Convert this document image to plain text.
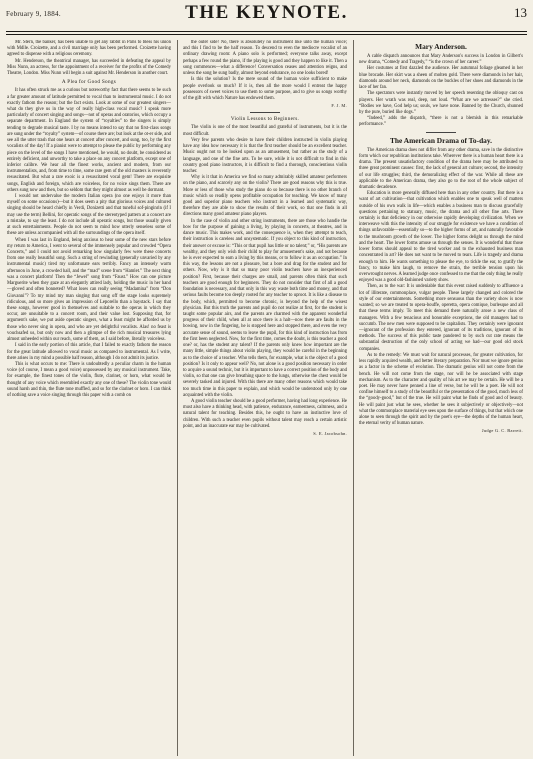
February 9, 1884.	THE KEYNOTE.	13

Mr. Stern, the banker, has been unable to get any rabbit in Paris to bless his union with Mdlle. Croizette, and a civil marriage only has been performed. Croizette having agreed to dispense with a religious ceremony.

Mr. Henderson, the theatrical manager, has succeeded in defeating the appeal by Miss Nunn, an actress, for the appointment of a receiver for the profits of the Comedy Theatre, London. Miss Nunn will begin a suit against Mr. Henderson in another court.

A Plea for Good Songs

It has often struck me as a curious but noteworthy fact that there seems to be such a far greater amount of latitude permitted to vocal than to instrumental music. I do not exactly fathom the reason; but the fact exists. Look at some of our greatest singers—what do they give us in the way of really high-class vocal music? I speak more particularly of concert singing and songs—not of operas and oratorios, which occupy a separate department. In England the system of “royalties” to the singers is simply tending to degrade musical taste. I by no means intend to say that no first-class songs are sung under the “royalty” system—of course there are; but look at the ot-er side, and see all the utter trash that one hears at concert after concert, and sung, too, by the first vocalists of the day! If a pianist were to attempt to please the public by performing any piece on the level of the songs I have mentioned, he would, no doubt, be considered as entirely deficient, and unworthy to take a place on any concert platform, except one of inferior calibre. We hear all the finest works, ancient and modern, from our instrumentalists, and, from time to time, some rare gem of the old masters is reverently resuscitated. But what a rare exoic is a resuscitated vocal gem! There are exquisite songs, English and foreign, which are voiceless, for no voice sings them. There are others sung now and then, but so seldom that they might almost as well be dormant.

I would not undervalue the modern Italian opera (no one enjoys it more than myself on some occasions)—but it does seem a pity that glorious voices and cultured singing should be heard chiefly in Verdi, Donizetti and that tuneful sof-pinginrin (if I may use the term) Bellini, for operatic songs of the stereotyped pattern at a concert are a mistake, to say the least. I do not include all operatic songs, but those usually given at such entertainments. People do not seem to mind how utterly senseless some of these are unless accompanied with all the surroundings of the opera itself.

When I was last in England, being anxious to hear some of the new stars before my return to America, I went to several of the immensely popular and crowded “Opera Concerts,” and I could not avoid remarking how singularly few were these concerts from one really beautiful song. Such a string of rewinding (generally unvaried by any instrumental music) tired my unfortunate ears terribly. Fancy an intensely warm afternoon in June, a crowded hall, and the “mad” scene from “Hamlet.” The next thing was a concert platform! Then the “Jewel” song from “Faust.” How can one picture Marguerite when they gaze at an elegantly attired lady, holding the music in her hand—gloved and often bonneted? What loses can really seeing “Madamina” from “Don Giovanni”? To my mind my man singing that song off the stage looks supremely ridiculous, and so more gives an impression of Leporello than a baystack. I say that these songs, however good in themselves and suitable to the operas in which they occur, are unsuitable to a concert room, and their value lost. Supposing that, for argument's sake, we put aside operatic singers, what a feast might be afforded us by those who never sing in opera, and who are yet delightful vocalists. Alas! no feast is vouchsafed us, but only now and then a glimpse of the rich musical treasures lying almost unheeded within our reach, some of them, as I said before, literally voiceless.

I said in the early portion of this article, that I failed to exactly fathom the reason for the great latitude allowed to vocal music as compared to instrumental. As I write, there arises in my mind a possible half reason, although I do not admit its justice.

This is what occurs to me: There is undoubtedly a peculiar charm in the human voice (of course, I mean a good voice) unpossessed by any musical instrument. Take, for example, the finest tones of the violin, flute, clarinet, or horn, what would be thought of any voice which resembled exactly any one of these? The violin tone would sound harsh and thin, the flute tone muffled, and so for the clarinet or horn. I can think of nothing save a voice singing through this paper with a comb on

the outer side! No, there is absolutely no instrument like unto the human voice; and this I find to be the half reason. To descend to even the mediocre vocalist of an ordinary drawing room: A piano solo is performed; everyone talks away, except perhaps a few round the piano, if the playing is good and they happen to like it. Then a song commences—what a difference! Conversation ceases and attention reigns, and unless the song be sung badly, almost beyond endurance, no one looks bored!

Is this the solution? Is the mere sound of the human voice sufficient to make people overlook so much? If it is, then all the more would I entreat the happy possessors of sweet voices to use them to some purpose, and to give us songs worthy of the gift with which Nature has endowed them.

F. J. M.

Violin Lessons to Beginners.

The violin is one of the most beautiful and grateful of instruments, but it is the most difficult.

Very few parents who desire to have their children instructed in violin playing have any idea how necessary it is that the first teacher should be an excellent teacher. Music ought not to be looked upon as an amusement, but rather as the study of a language, and one of the fine arts. To be sure, while it is not difficult to find in this country good piano instructors, it is difficult to find a thorough, conscientious violin teacher.

Why is it that in America we find so many admirably skilled amateur performers on the piano, and scarcely any on the violin? There are good reasons why this is true. More or less of those who study the piano do so because there is no other branch of music which so readily opens profitable occupation for teaching. We know of many good and superior piano teachers who instruct in a learned and systematic way, therefore they are able to show the results of their work, so that one finds in all directions many good amateur piano players.

In the case of violin and other string instruments, there are those who handle the bow for the purpose of gaining a living, by playing in concerts, at theatres, and in dance music. This makes work, and the consequence is, when they attempt to teach, their instruction is careless and unsystematic. If you object to this kind of instruction, their answer or excuse is: “This or that pupil has little or no talent;” or, “His parents are wealthy, and they only wish their child to play for amusement's sake, and not because he is ever expected to earn a living by this means, or to follow it as an occupation.” In this way, the lessons are not a pleasure, but a bore and drag for the student and for others. Now, why is it that so many poor violin teachers have an inexperienced position? First, because their charges are small, and parents often think that such teachers are good enough for beginners. They do not consider that first of all a good foundation is necessary, and that only in this way waste both time and money, and that serious faults become too deeply rooted for any teacher to uproot. It is like a disease to the body, which, permitted to become chronic, is beyond the help of the wisest physician. But this truth the parents and pupil do not realize at first, for the student is taught some popular airs, and the parents are charmed with the apparent wonderful progress of their child, when all at once there is a halt—now there are faults in the bowing, now in the fingering, he is stopped here and stopped there, and even the very accurate sense of sound, seems to leave the pupil, for this kind of instruction has from the first been neglected. Now, for the first time, comes the doubt, is this teacher a good one? or, has the student any talent? If the parents only knew how important are the many little, simple things about violin playing, they would be careful in the beginning as to the choice of a teacher. Who tells them, for example, what is the object of a good position? Is it only to appear well? No, not alone is a good position necessary in order to acquire a sound technic, but it is important to have a correct position of the body and violin, so that one can give breathing space to the lungs, otherwise the chest would be severely tasked and injured. With this there are many other reasons which would take too much time in this paper to explain, and which would be understood only by one acquainted with the violin.

A good violin teacher should be a good performer, having had long experience. He must also have a thinking head, with patience, endurance, earnestness, calmness, and a natural talent for teaching. Besides this, he ought to have an instinctive love of children. With such a teacher even pupils without talent may reach a certain artistic point, and an inaccurate ear may be cultivated.

S. E. Jacobsohn.

Mary Anderson.

A cable dispatch announces that Mary Anderson's success in London in Gilbert's new drama, “Comedy and Tragedy,” “is the crown of her career.”

Her costumes at first dazzled the audience. Her autumnal foliage gleamed in her blue brocade. Her skirt was a sheen of molten gold. There were diamonds in her hair, diamonds around her neck, diamonds on the buckles of her shoes and diamonds in the lace of her fan.

The spectators were instantly moved by her speech resenting the obloquy cast on players. Her wrath was real, deep, not loud. “What are we actresses?” she cried. “Bodies we have, God help us; souls, we have none. Banned by the Church, shunned by the pure, buried like dogs.”

“Indeed,” adds the dispatch, “there is not a blemish in this remarkable performance.”

The American Drama of To-day.

The American drama does not differ from any other drama, save in the distinctive form which our republican institutions take. Wherever there is a human heart there is a drama. The present unsatisfactory condition of the drama here may be attributed to three great prominent causes: first, the lack of general art culture; second, the intensity of our life struggles; third, the demoralizing effect of the war. While all these are applicable to the American drama, they also go to the root of the whole subject of dramatic decadence.

Education is more generally diffused here than in any other country. But there is a want of art cultivation—that cultivation which enables one to speak well of matters outside of his own walk in life—which enables a business man to discuss gracefully questions pertaining to statuary, music, the drama and all other fine arts. There certainly is that deficiency in our otherwise rapidly developing civilization. When we interweave with this the intensity of our struggle for existence we have a condition of things unfavorable—essentially so—to the higher forms of art, and naturally favorable to the mushroom growth of the lower. The higher forms delight us through the mind and the heart. The lower forms amuse us through the senses. It is wonderful that those lower forms should appeal to the tired worker and to the exhausted business man concentrated in art? He does not want to be moved to tears. Life is tragedy and drama enough to him. He wants something to please the eye, to tickle the ear, to gratify the fancy, to make him laugh, to remove the strain, the terrible tension upon his overwrought nerves. A learned judge once confessed to me that the only thing he really enjoyed was a good old-fashioned variety show.

Then, as to the war: It is undeniable that this event raised suddenly to affluence a lot of illiterate, commonplace, vulgar people. These largely changed and colored the style of our entertainments. Something more sensuous than the variety show is now wanted; so we are treated to opera-bouffe, operetta, opera comique, burlesque and all that these terms imply. To meet this demand there naturally arose a new class of managers. With a few tenacious and honorable exceptions, the old managers had to succumb. The new men were supposed to be capitalists. They certainly were ignorant—ignorant of the profession they entered, ignorant of its traditions, ignorant of its methods. The success of this public taste pandered to by such cut rate means the substantial destruction of the only school of acting we had—our good old stock companies.

As to the remedy: We must wait for natural processes, for greater cultivation, for less rapidly acquired wealth, and better literary preparation. Nor must we ignore genius as a factor in the scheme of evolution. The dramatic genius will not come from the bench. He will not come from the stage, nor will he be associated with stage mechanism. As to the character and quality of his art we may be certain. He will be a poet. He may never have penned a line of verse, but he will be a poet. He will not confine himself to a study of the beautiful or the presentation of the good, much less of the “goody-good,” but of the true. He will paint what he finds of good and of beauty. He will paint just what he sees, whether he sees it subjectively or objectively—not what the commonplace material eye sees upon the surface of things, but that which one alone to seen through the spirit and by the poet's eye—the depths of the human heart, the eternal verity of human nature.

Judge G. C. Barrett.
